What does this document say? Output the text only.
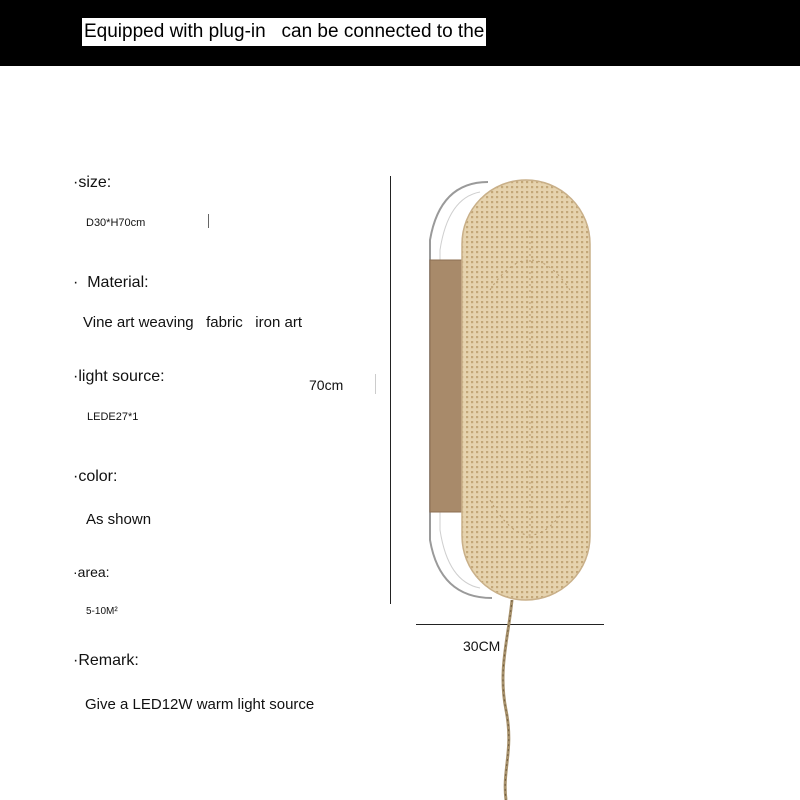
Equipped with plug-in   can be connected to the
·size:
D30*H70cm
·  Material:
Vine art weaving   fabric   iron art
·light source:
LEDE27*1
·color:
As shown
·area:
5-10M²
·Remark:
Give a LED12W warm light source
70cm
30CM
